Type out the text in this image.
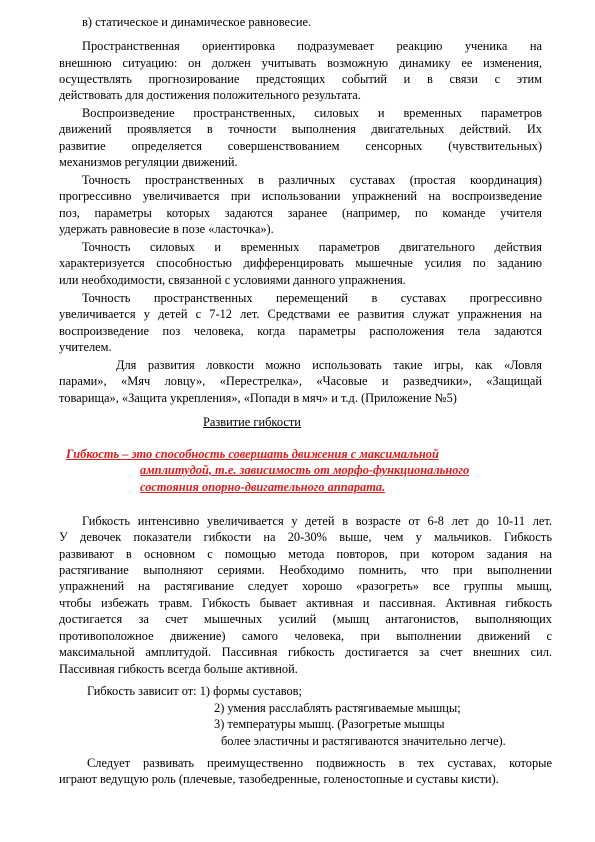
в) статическое и динамическое равновесие.
Пространственная ориентировка подразумевает реакцию ученика на
внешнюю ситуацию: он должен учитывать возможную динамику ее изменения,
осуществлять прогнозирование предстоящих событий и в связи с этим
действовать для достижения положительного результата.
Воспроизведение пространственных, силовых и временных параметров
движений проявляется в точности выполнения двигательных действий. Их
развитие определяется совершенствованием сенсорных (чувствительных)
механизмов регуляции движений.
Точность пространственных в различных суставах (простая координация)
прогрессивно увеличивается при использовании упражнений на воспроизведение
поз, параметры которых задаются заранее (например, по команде учителя
удержать равновесие в позе «ласточка»).
Точность силовых и временных параметров двигательного действия
характеризуется способностью дифференцировать мышечные усилия по заданию
или необходимости, связанной с условиями данного упражнения.
Точность пространственных перемещений в суставах прогрессивно
увеличивается у детей с 7-12 лет. Средствами ее развития служат упражнения на
воспроизведение поз человека, когда параметры расположения тела задаются
учителем.
Для развития ловкости можно использовать такие игры, как «Ловля
парами», «Мяч ловцу», «Перестрелка», «Часовые и разведчики», «Защищай
товарища», «Защита укрепления», «Попади в мяч» и т.д. (Приложение №5)
Развитие гибкости
Гибкость – это способность совершать движения с максимальной
амплитудой, т.е. зависимость от морфо-функционального
состояния опорно-двигательного аппарата.
Гибкость интенсивно увеличивается у детей в возрасте от 6-8 лет до 10-11 лет.
У девочек показатели гибкости на 20-30% выше, чем у мальчиков. Гибкость
развивают в основном с помощью метода повторов, при котором задания на
растягивание выполняют сериями. Необходимо помнить, что при выполнении
упражнений на растягивание следует хорошо «разогреть» все группы мышц,
чтобы избежать травм. Гибкость бывает активная и пассивная. Активная гибкость
достигается за счет мышечных усилий (мышц антагонистов, выполняющих
противоположное движение) самого человека, при выполнении движений с
максимальной амплитудой. Пассивная гибкость достигается за счет внешних сил.
Пассивная гибкость всегда больше активной.
Гибкость зависит от: 1) формы суставов;
2) умения расслаблять растягиваемые мышцы;
3) температуры мышц. (Разогретые мышцы
более эластичны и растягиваются значительно легче).
Следует развивать преимущественно подвижность в тех суставах, которые
играют ведущую роль (плечевые, тазобедренные, голеностопные и суставы кисти).
